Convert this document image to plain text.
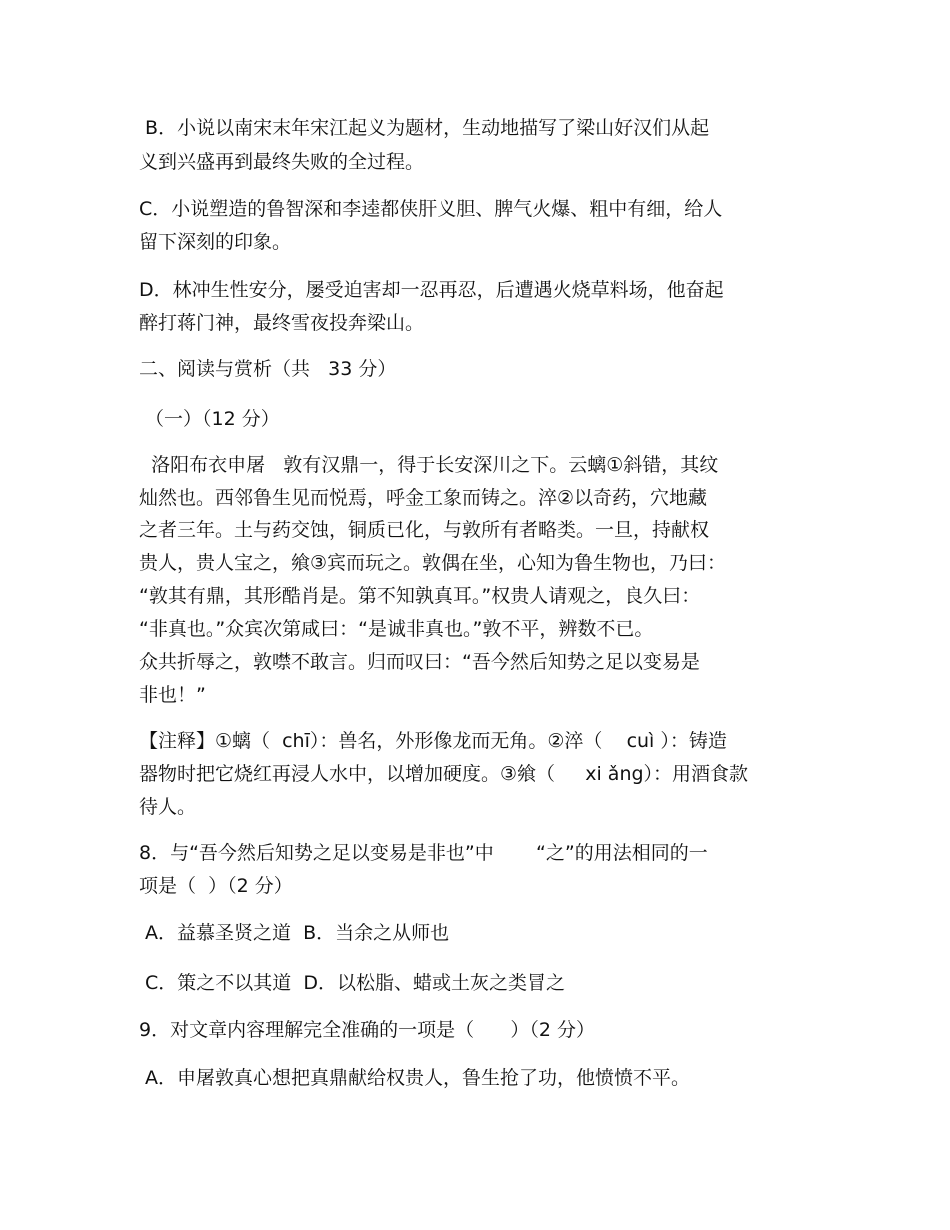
B．小说以南宋末年宋江起义为题材，生动地描写了梁山好汉们从起

义到兴盛再到最终失败的全过程。

C．小说塑造的鲁智深和李逵都侠肝义胆、脾气火爆、粗中有细，给人

留下深刻的印象。

D．林冲生性安分，屡受迫害却一忍再忍，后遭遇火烧草料场，他奋起

醉打蒋门神，最终雪夜投奔梁山。

二、阅读与赏析（共   33 分）

（一）（12 分）

洛阳布衣申屠   敦有汉鼎一，得于长安深川之下。云螭①斜错，其纹

灿然也。西邻鲁生见而悦焉，呼金工象而铸之。淬②以奇药，穴地藏

之者三年。土与药交蚀，铜质已化，与敦所有者略类。一旦，持献权

贵人，贵人宝之，飨③宾而玩之。敦偶在坐，心知为鲁生物也，乃曰：

“敦其有鼎，其形酷肖是。第不知孰真耳。”权贵人请观之，良久曰：

“非真也。”众宾次第咸曰：“是诚非真也。”敦不平，辨数不已。

众共折辱之，敦噤不敢言。归而叹曰：“吾今然后知势之足以变易是

非也！”

【注释】①螭（  chī）：兽名，外形像龙而无角。②淬（    cuì ）：铸造

器物时把它烧红再浸人水中，以增加硬度。③飨（     xi ǎng）：用酒食款

待人。

8．与“吾今然后知势之足以变易是非也”中       “之”的用法相同的一

项是（  ）（2 分）

A．益慕圣贤之道  B．当余之从师也

C．策之不以其道  D．以松脂、蜡或土灰之类冒之

9．对文章内容理解完全准确的一项是（      ）（2 分）

A．申屠敦真心想把真鼎献给权贵人，鲁生抢了功，他愤愤不平。
